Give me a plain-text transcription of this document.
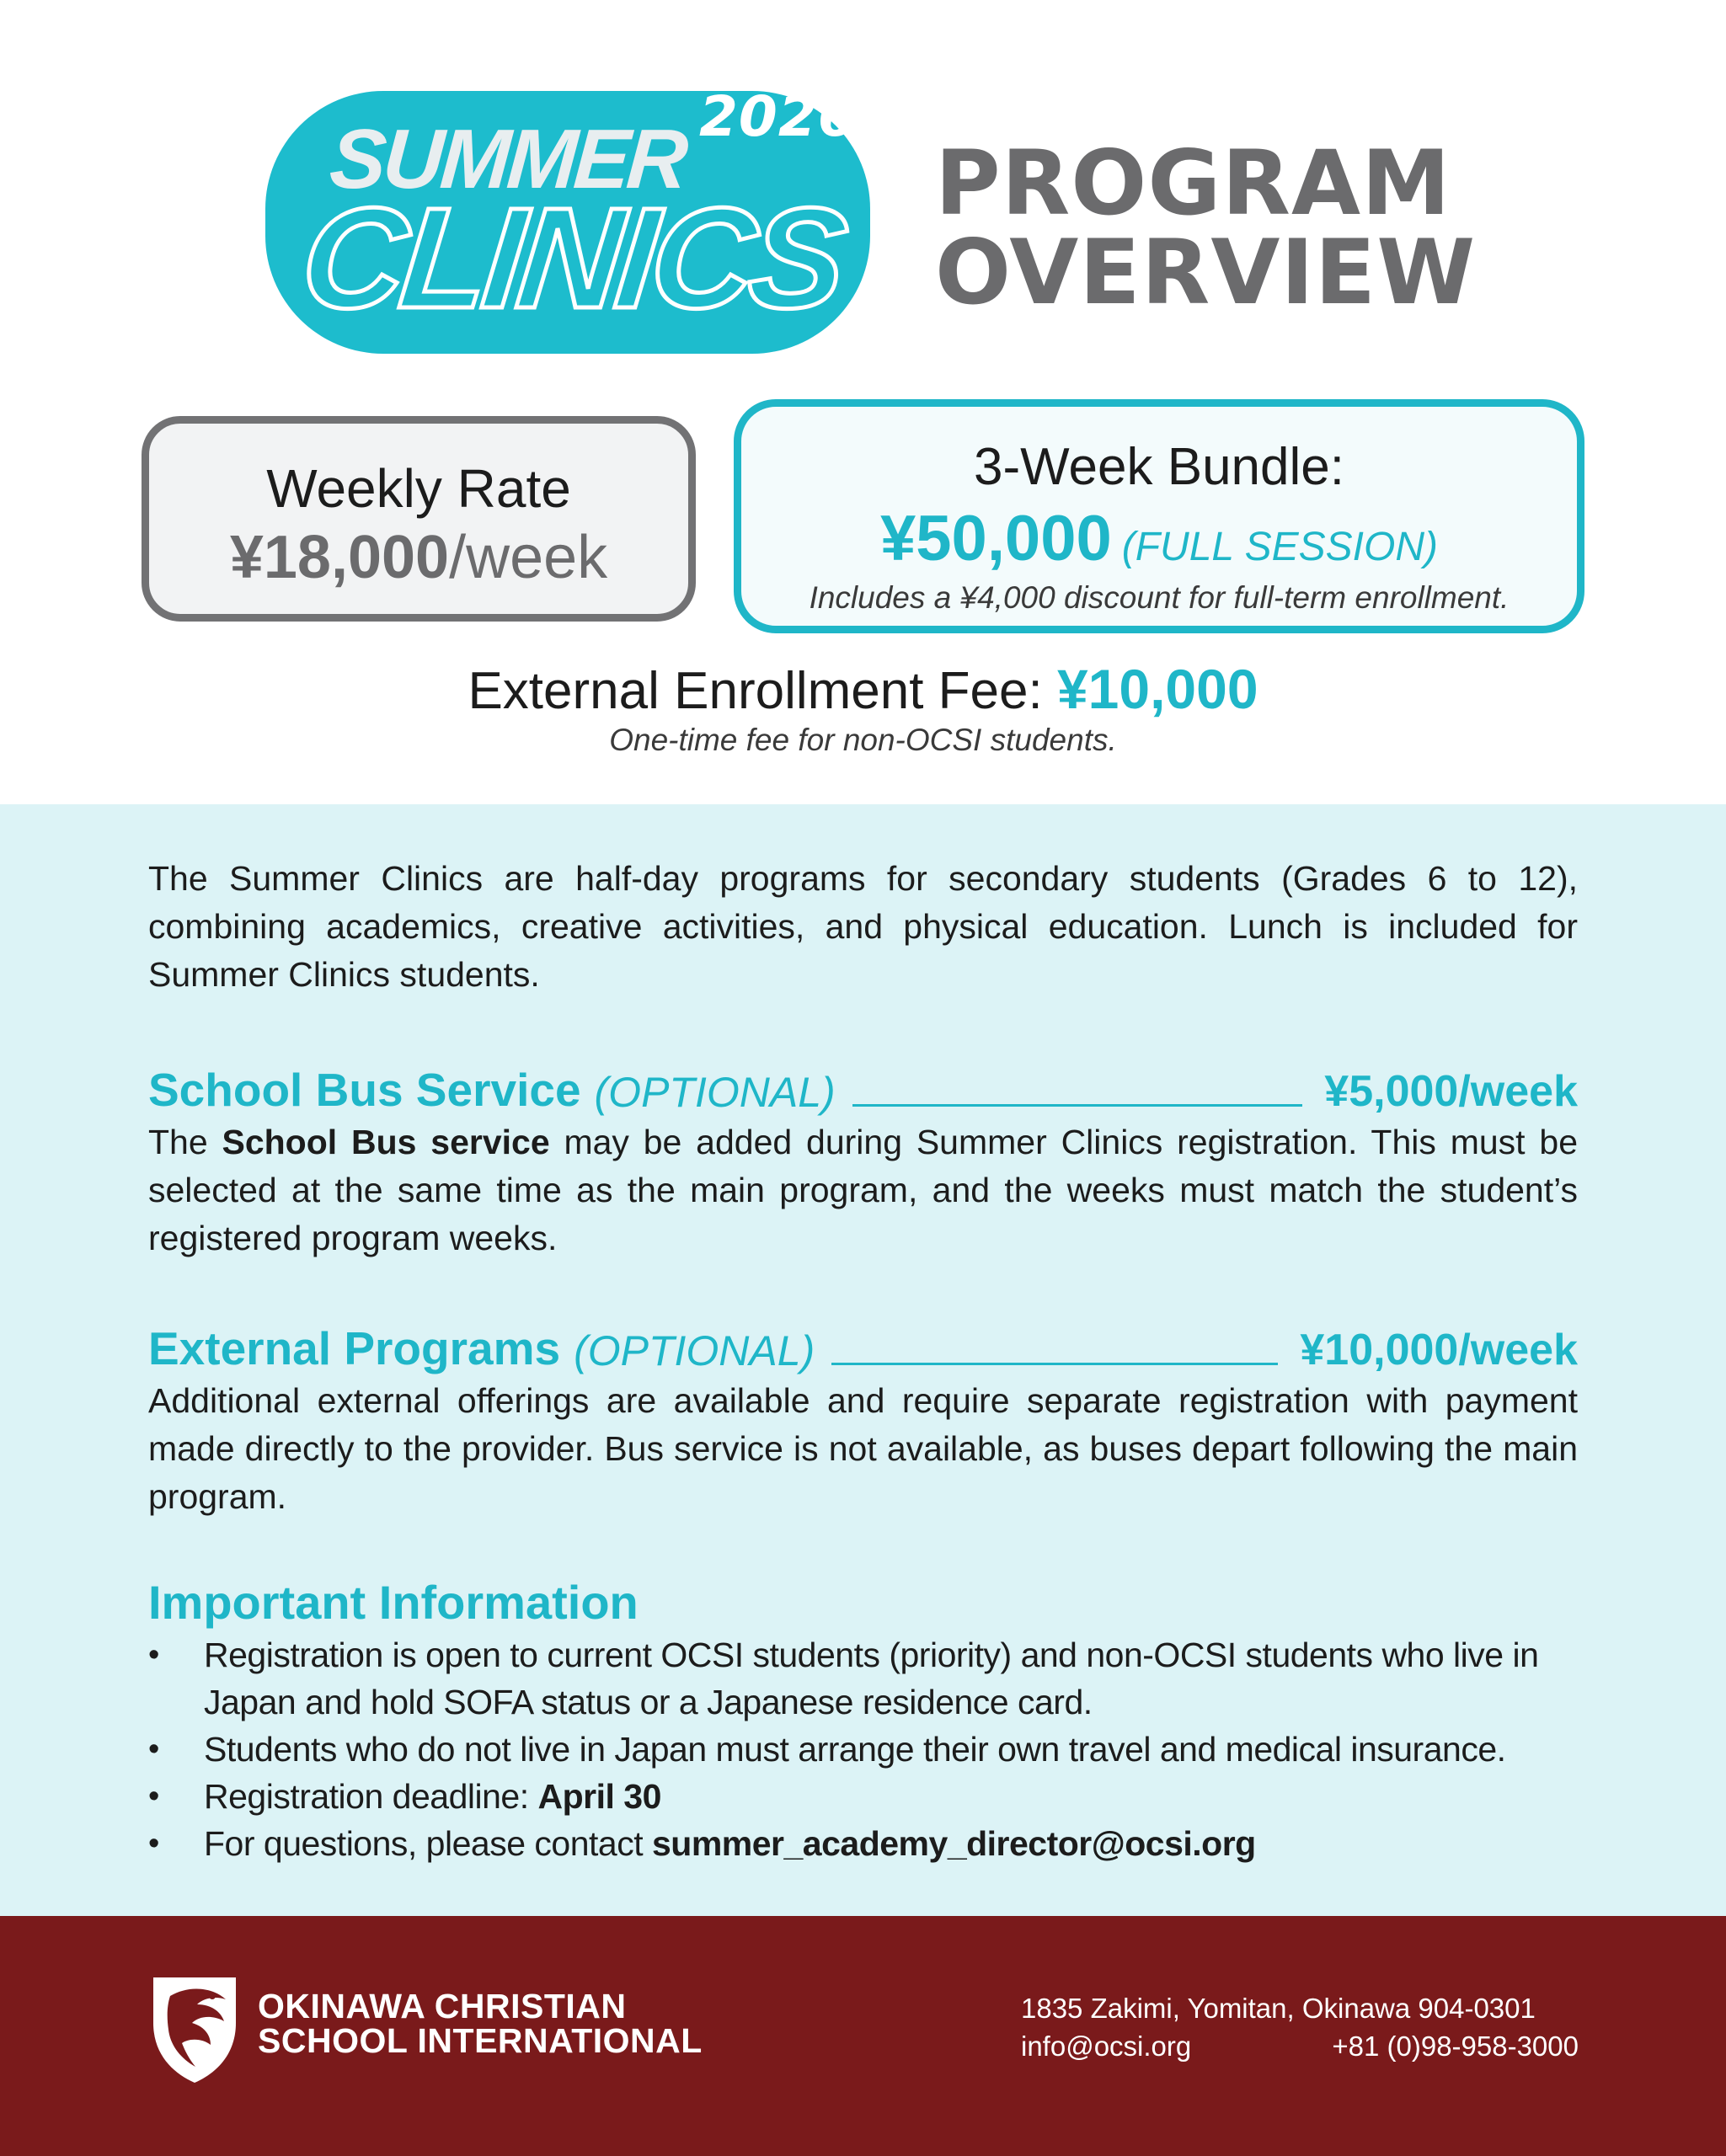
2026
SUMMER
CLINICS PROGRAM
OVERVIEW
Weekly Rate
¥18,000/week
3-Week Bundle:
¥50,000 (FULL SESSION)
Includes a ¥4,000 discount for full-term enrollment.
External Enrollment Fee: ¥10,000
One-time fee for non-OCSI students.
The Summer Clinics are half-day programs for secondary students (Grades 6 to 12), combining academics, creative activities, and physical education. Lunch is included for Summer Clinics students.
School Bus Service (OPTIONAL)	¥5,000/week
The School Bus service may be added during Summer Clinics registration. This must be selected at the same time as the main program, and the weeks must match the student’s registered program weeks.
External Programs (OPTIONAL)	¥10,000/week
Additional external offerings are available and require separate registration with payment made directly to the provider. Bus service is not available, as buses depart following the main program.
Important Information
• Registration is open to current OCSI students (priority) and non-OCSI students who live in Japan and hold SOFA status or a Japanese residence card.
• Students who do not live in Japan must arrange their own travel and medical insurance.
• Registration deadline: April 30
• For questions, please contact summer_academy_director@ocsi.org
OKINAWA CHRISTIAN
SCHOOL INTERNATIONAL
1835 Zakimi, Yomitan, Okinawa 904-0301
info@ocsi.org	+81 (0)98-958-3000
